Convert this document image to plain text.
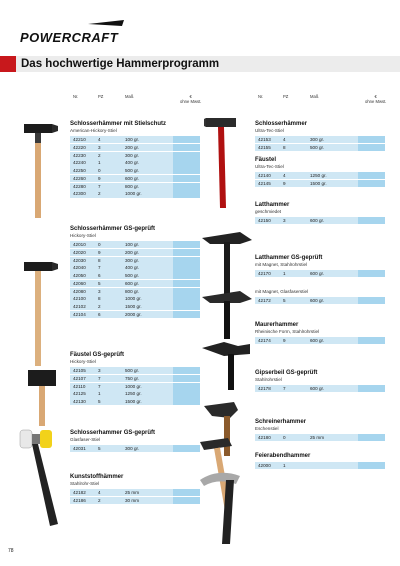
POWERCRAFT
Das hochwertige Hammerprogramm
Nr.	PZ	Maß	€
ohne Mwst.
Nr.	PZ	Maß	€
ohne Mwst.
Schlosserhämmer mit Stielschutz
American-Hickory-Stiel
42210	4	100 gr.
42220	3	200 gr.
42230	2	300 gr.
42240	1	400 gr.
42250	0	500 gr.
42260	9	600 gr.
42280	7	800 gr.
42300	2	1000 gr.
Schlosserhämmer GS-geprüft
Hickory-Stiel
42010	0	100 gr.
42020	9	200 gr.
42030	8	300 gr.
42040	7	400 gr.
42050	6	500 gr.
42060	5	600 gr.
42080	3	800 gr.
42100	8	1000 gr.
42102	2	1500 gr.
42104	6	2000 gr.
Fäustel GS-geprüft
Hickory-Stiel
42105	3	500 gr.
42107	7	750 gr.
42110	7	1000 gr.
42125	1	1250 gr.
42130	5	1500 gr.
Schlosserhammer GS-geprüft
Glasfaser-Stiel
42031	5	300 gr.
Kunststoffhämmer
Stahlrohr-Stiel
42182	4	25 mm
42186	2	30 mm
Schlosserhämmer
Ultra-Tec-Stiel
42153	4	300 gr.
42155	8	500 gr.
Fäustel
Ultra-Tec-Stiel
42140	4	1250 gr.
42145	9	1500 gr.
Latthammer
geschmiedet
42150	3	600 gr.
Latthammer GS-geprüft
mit Magnet, Stahlrohrstiel
42170	1	600 gr.
mit Magnet, Glasfaserstiel
42172	5	600 gr.
Maurerhammer
Rheinische Form, Stahlrohrstiel
42174	9	600 gr.
Gipserbeil GS-geprüft
Stahlrohrstiel
42178	7	600 gr.
Schreinerhammer
Eschenstiel
42180	0	25 mm
Feierabendhammer
42000	1
78
